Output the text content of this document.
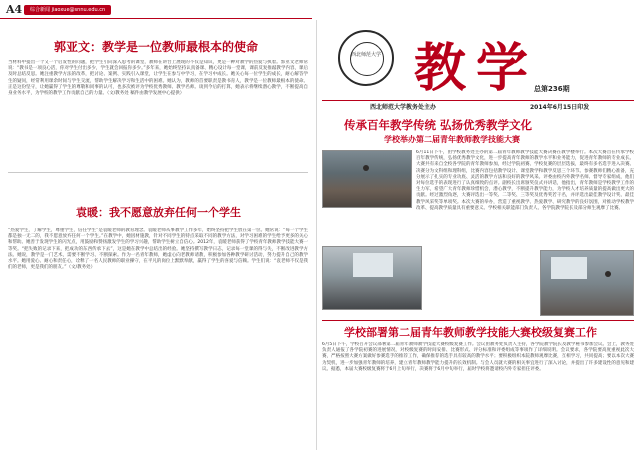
A4	综合新闻 jiaoxue@snnu.edu.cn
郭亚文：教学是一位教师最根本的使命
当材料中提出一个又一个启发性的问题，把学生引向深入思考的课堂，教师在讲台上展现的不仅是知识，更是一种对教学的热爱与执着。郭亚文老师常说：“教书是一项良心活，你对学生付出多少，学生就会回报你多少。”多年来，她始终坚持认真备课、精心设计每一堂课，课前反复推敲教学内容，课后及时总结反思。她注重教学方法的改革，把讨论、案例、实践引入课堂，让学生在参与中学习，在学习中成长。她关心每一位学生的成长，耐心解答学生的疑问，经常利用课余时间与学生交流，帮助学生解决学习和生活中的困难。她认为，教师的首要职责是教书育人，教学是一位教师最根本的使命。正是这份坚守，让她赢得了学生的尊敬和同事的认可，也多次被评为学校优秀教师、教学名师。谈到今后的打算，她表示将继续潜心教学，不断提高自身业务水平，为学校的教学工作贡献自己的力量。（文/教务处 稿件由教学发展中心提供）
袁暖：我不愿意放弃任何一个学生
“热爱学生，了解学生，尊重学生，信任学生”是袁暖老师的教育理念。袁暖老师从事教学工作多年，始终坚持把学生放在第一位。她常说：“每一个学生都是独一无二的，我不愿意放弃任何一个学生。”在教学中，她因材施教，针对不同学生的特点采取不同的教学方法，对学习困难的学生给予更多的关心和帮助。她善于发现学生的闪光点，用鼓励和赞扬激发学生的学习兴趣，帮助学生树立自信心。2012年，袁暖老师获得了学校青年教师教学技能大赛一等奖。“把失败的记录下来，把成功的东西传承下去”，这是她在教学中总结出的经验。她坚持撰写教学日志，记录每一堂课的得与失，不断改进教学方法。她说，教学是一门艺术，需要不断学习、不断探索。作为一名青年教师，她虚心向老教师请教，积极参加各种教学研讨活动，努力提升自己的教学水平。她用爱心、耐心和责任心，诠释了一名人民教师的职业操守，在平凡的岗位上默默奉献，赢得了学生的喜爱与信赖。学生们说：“袁老师不仅是我们的老师，更是我们的朋友。”（文/教务处）
西北师范大学 教学
总第236期
西北师范大学教务处主办	2014年6月15日印发
传承百年教学传统 弘扬优秀教学文化
学校举办第二届青年教师教学技能大赛
6月11日下午，由学校教务处主办的第二届青年教师教学技能大赛决赛在教学楼举行。本次大赛旨在传承学校百年教学传统，弘扬优秀教学文化，进一步提高青年教师的教学水平和业务能力，促进青年教师的专业成长。大赛共有来自全校各学院的青年教师参加，经过学院初赛、学校复赛的层层选拔，最终有多名选手进入决赛。决赛分为文科组和理科组，比赛内容包括教学设计、课堂教学和教学反思三个环节。参赛教师们精心准备，充分展示了扎实的专业功底、灵活的教学方法和良好的教学风采。评委由校内外教学名师、督导专家组成，他们对每位选手的表现进行了认真细致的点评。副校长出席颁奖仪式并讲话，他指出，青年教师是学校教学工作的生力军，希望广大青年教师珍惜机会，潜心教学，不断提升教学能力，为学校人才培养质量的提高做出更大的贡献。经过激烈角逐，大赛评选出一等奖、二等奖、三等奖及优秀奖若干名，并评选出最佳教学设计奖、最佳教学风采奖等单项奖。本次大赛的举办，营造了重视教学、热爱教学、研究教学的良好氛围，对推动学校教学改革、提高教学质量具有重要意义。学校相关职能部门负责人、各学院教学院长及部分师生观摩了比赛。
学校部署第二届青年教师教学技能大赛校级复赛工作
6月5日下午，学校召开会议部署第二届青年教师教学技能大赛校级复赛工作。会议由教务处负责人主持，各学院教学院长及教学秘书参加会议。会上，教务处负责人通报了各学院初赛的进展情况，对校级复赛的时间安排、比赛形式、评分标准和评委组成等事项作了详细说明。会议要求，各学院要高度重视此次大赛，严格按照大赛方案做好参赛选手的推荐工作，确保推荐的选手具有较高的教学水平；要积极组织本院教师观摩比赛，互相学习，共同提高；要以本次大赛为契机，进一步加强青年教师的培养，建立青年教师教学能力提升的长效机制。与会人员就大赛的相关事宜进行了深入讨论，并提出了许多建设性的意见和建议。据悉，本届大赛校级复赛将于6月上旬举行，决赛将于6月中旬举行，届时学校将邀请校内外专家担任评委。
